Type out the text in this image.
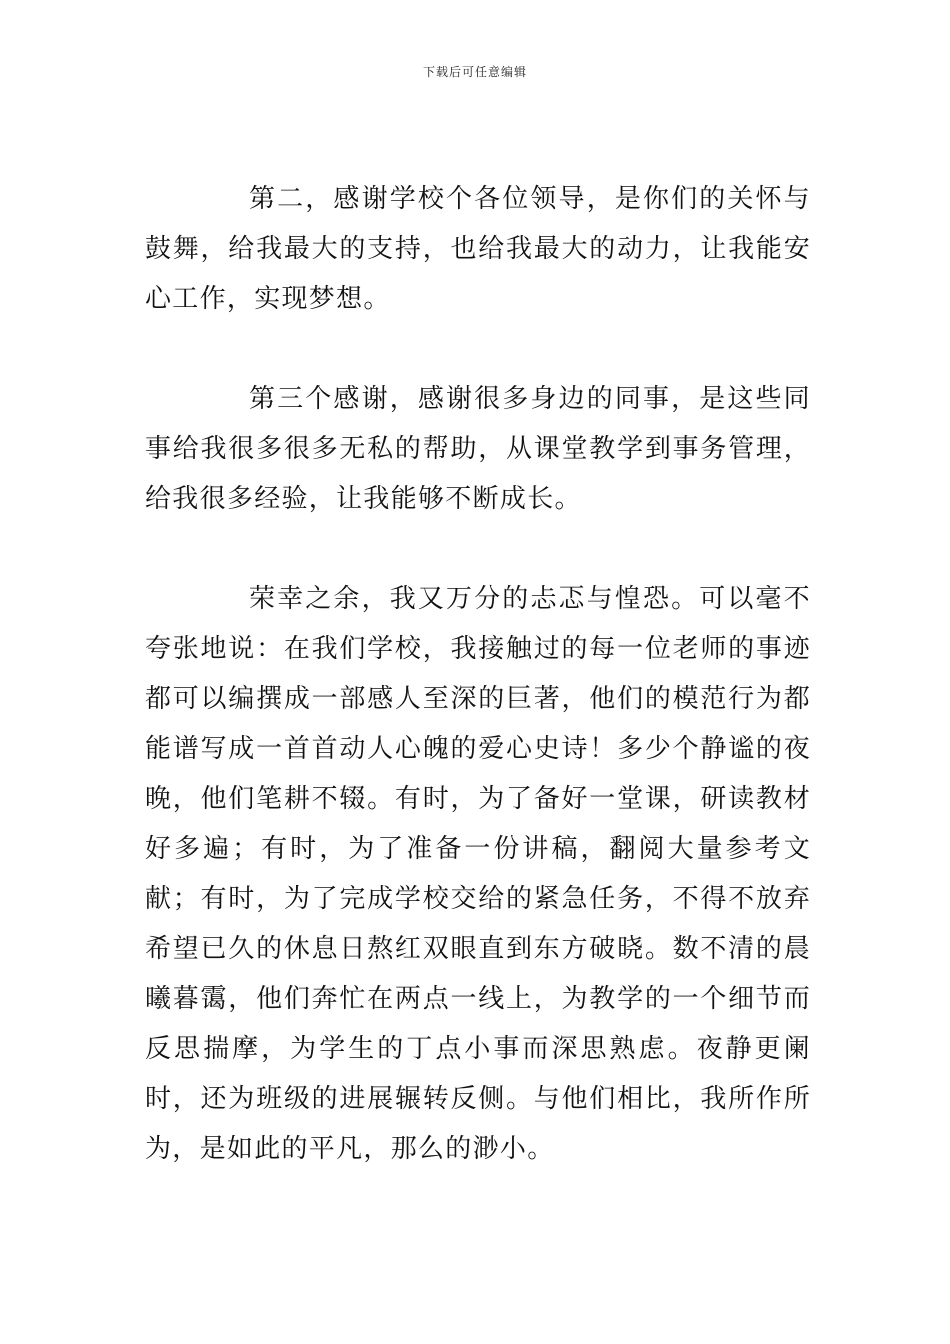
下载后可任意编辑

第二，感谢学校个各位领导，是你们的关怀与鼓舞，给我最大的支持，也给我最大的动力，让我能安心工作，实现梦想。

第三个感谢，感谢很多身边的同事，是这些同事给我很多很多无私的帮助，从课堂教学到事务管理，给我很多经验，让我能够不断成长。

荣幸之余，我又万分的忐忑与惶恐。可以毫不夸张地说：在我们学校，我接触过的每一位老师的事迹都可以编撰成一部感人至深的巨著，他们的模范行为都能谱写成一首首动人心魄的爱心史诗！多少个静谧的夜晚，他们笔耕不辍。有时，为了备好一堂课，研读教材好多遍；有时，为了准备一份讲稿，翻阅大量参考文献；有时，为了完成学校交给的紧急任务，不得不放弃希望已久的休息日熬红双眼直到东方破晓。数不清的晨曦暮霭，他们奔忙在两点一线上，为教学的一个细节而反思揣摩，为学生的丁点小事而深思熟虑。夜静更阑时，还为班级的进展辗转反侧。与他们相比，我所作所为，是如此的平凡，那么的渺小。
